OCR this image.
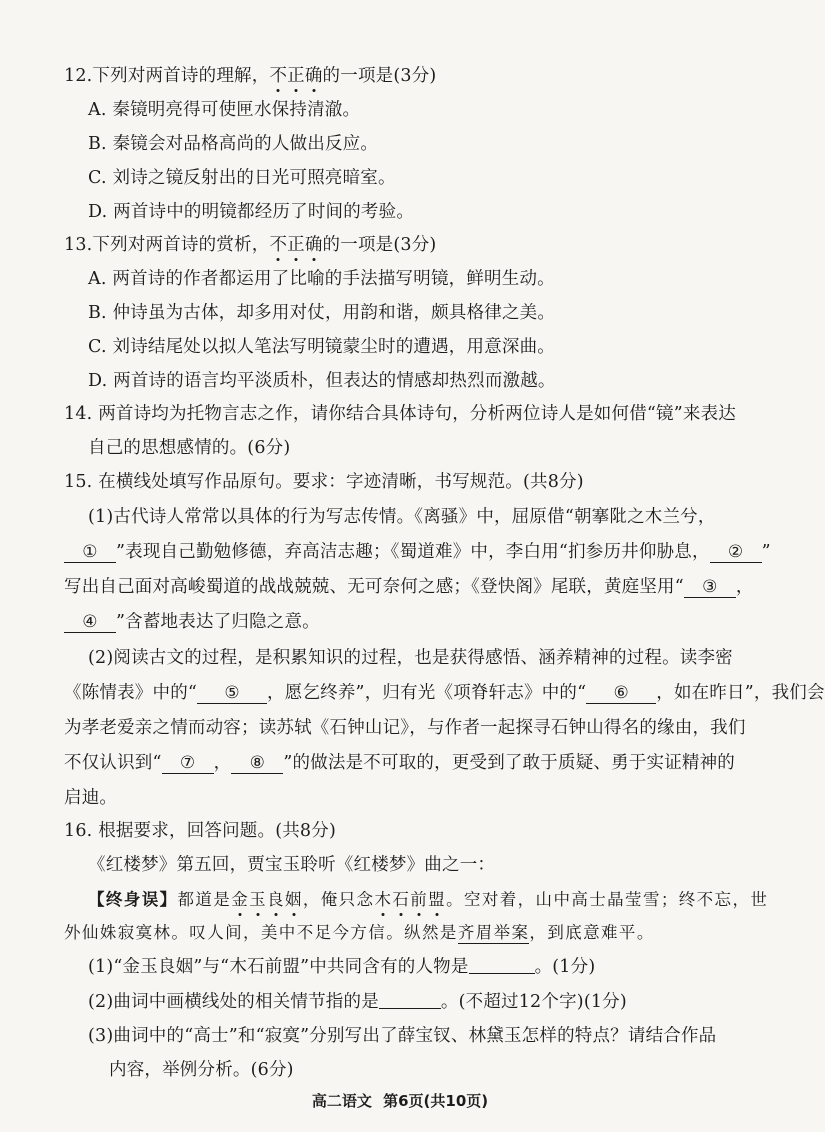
12.下列对两首诗的理解，不正确的一项是(3分)
A. 秦镜明亮得可使匣水保持清澈。
B. 秦镜会对品格高尚的人做出反应。
C. 刘诗之镜反射出的日光可照亮暗室。
D. 两首诗中的明镜都经历了时间的考验。
13.下列对两首诗的赏析，不正确的一项是(3分)
A. 两首诗的作者都运用了比喻的手法描写明镜，鲜明生动。
B. 仲诗虽为古体，却多用对仗，用韵和谐，颇具格律之美。
C. 刘诗结尾处以拟人笔法写明镜蒙尘时的遭遇，用意深曲。
D. 两首诗的语言均平淡质朴，但表达的情感却热烈而激越。
14. 两首诗均为托物言志之作，请你结合具体诗句，分析两位诗人是如何借“镜”来表达
自己的思想感情的。(6分)
15. 在横线处填写作品原句。要求：字迹清晰，书写规范。(共8分)
(1)古代诗人常常以具体的行为写志传情。《离骚》中，屈原借“朝搴阰之木兰兮，
① ”表现自己勤勉修德，弃高洁志趣；《蜀道难》中，李白用“扪参历井仰胁息， ② ”
写出自己面对高峻蜀道的战战兢兢、无可奈何之感；《登快阁》尾联，黄庭坚用“ ③ ，
④ ”含蓄地表达了归隐之意。
(2)阅读古文的过程，是积累知识的过程，也是获得感悟、涵养精神的过程。读李密
《陈情表》中的“ ⑤ ，愿乞终养”，归有光《项脊轩志》中的“ ⑥ ，如在昨日”，我们会
为孝老爱亲之情而动容；读苏轼《石钟山记》，与作者一起探寻石钟山得名的缘由，我们
不仅认识到“ ⑦ ， ⑧ ”的做法是不可取的，更受到了敢于质疑、勇于实证精神的
启迪。
16. 根据要求，回答问题。(共8分)
《红楼梦》第五回，贾宝玉聆听《红楼梦》曲之一：
【终身误】都道是金玉良姻，俺只念木石前盟。空对着，山中高士晶莹雪；终不忘，世
外仙姝寂寞林。叹人间，美中不足今方信。纵然是齐眉举案，到底意难平。
(1)“金玉良姻”与“木石前盟”中共同含有的人物是	。(1分)
(2)曲词中画横线处的相关情节指的是	。(不超过12个字)(1分)
(3)曲词中的“高士”和“寂寞”分别写出了薛宝钗、林黛玉怎样的特点？请结合作品
内容，举例分析。(6分)
高二语文 第6页(共10页)
